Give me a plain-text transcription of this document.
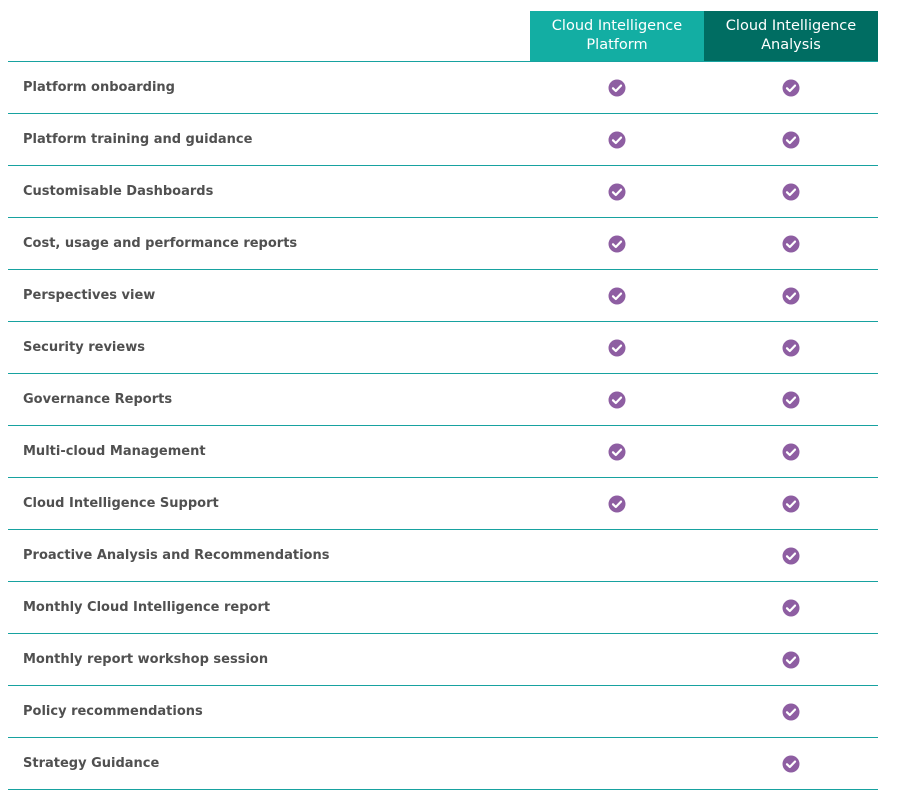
Cloud Intelligence Platform
Cloud Intelligence Analysis
Platform onboarding
Platform training and guidance
Customisable Dashboards
Cost, usage and performance reports
Perspectives view
Security reviews
Governance Reports
Multi-cloud Management
Cloud Intelligence Support
Proactive Analysis and Recommendations
Monthly Cloud Intelligence report
Monthly report workshop session
Policy recommendations
Strategy Guidance
